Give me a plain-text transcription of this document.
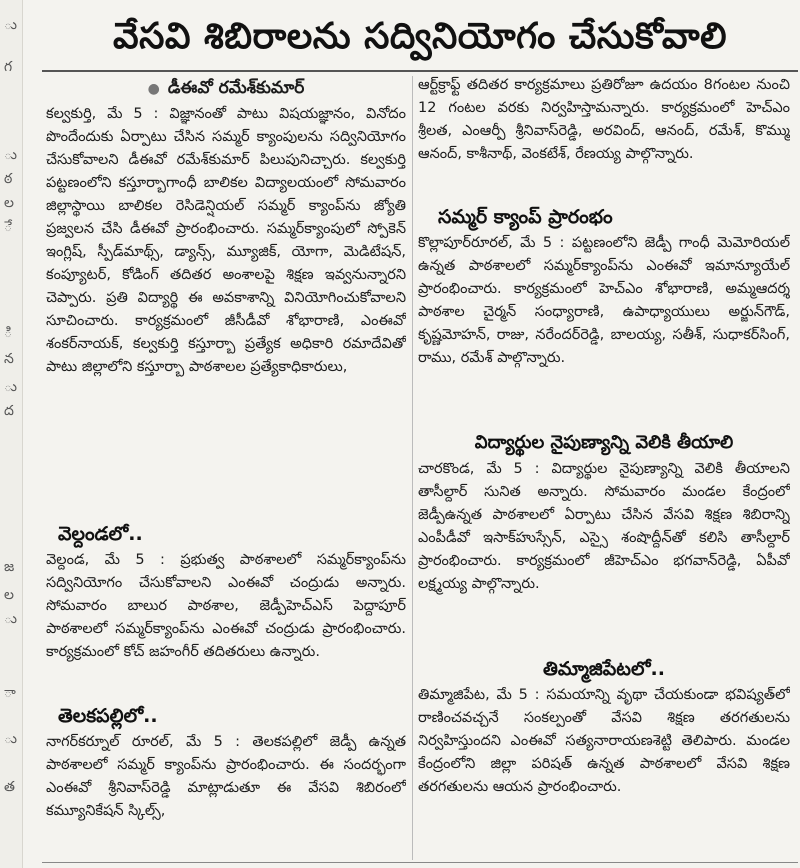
ు
గ
ు
ఠ
ల
ే
ి
న
ు
ద
జ
ల
ు
ా
ు
త
వేసవి శిబిరాలను సద్వినియోగం చేసుకోవాలి

● డీఈవో రమేశ్‌కుమార్‌

కల్వకుర్తి, మే 5 : విజ్ఞానంతో పాటు విషయజ్ఞానం, వినోదం పొందేందుకు ఏర్పాటు చేసిన సమ్మర్‌ క్యాంపులను సద్వినియోగం చేసుకోవాలని డీఈవో రమేశ్‌కుమార్‌ పిలుపునిచ్చారు. కల్వకుర్తి పట్టణంలోని కస్తూర్బాగాంధీ బాలికల విద్యాలయంలో సోమవారం జిల్లాస్థాయి బాలికల రెసిడెన్షియల్‌ సమ్మర్‌ క్యాంప్‌ను జ్యోతి ప్రజ్వలన చేసి డీఈవో ప్రారంభించారు. సమ్మర్‌క్యాంపులో స్పోకెన్‌ ఇంగ్లిష్‌, స్పీడ్‌మాథ్స్‌, డ్యాన్స్‌, మ్యూజిక్‌, యోగా, మెడిటేషన్‌, కంప్యూటర్‌, కోడింగ్‌ తదితర అంశాలపై శిక్షణ ఇవ్వనున్నారని చెప్పారు. ప్రతి విద్యార్థి ఈ అవకాశాన్ని వినియోగించుకోవాలని సూచించారు. కార్యక్రమంలో జీసీడీవో శోభారాణి, ఎంఈవో శంకర్‌నాయక్‌, కల్వకుర్తి కస్తూర్బా ప్రత్యేక అధికారి రమాదేవితో పాటు జిల్లాలోని కస్తూర్బా పాఠశాలల ప్రత్యేకాధికారులు,

వెల్దండలో..

వెల్దండ, మే 5 : ప్రభుత్వ పాఠశాలలో సమ్మర్‌క్యాంప్‌ను సద్వినియోగం చేసుకోవాలని ఎంఈవో చంద్రుడు అన్నారు. సోమవారం బాలుర పాఠశాల, జెడ్పీహెచ్‌ఎస్‌ పెద్దాపూర్‌ పాఠశాలలో సమ్మర్‌క్యాంప్‌ను ఎంఈవో చంద్రుడు ప్రారంభించారు. కార్యక్రమంలో కోచ్‌ జహంగీర్‌ తదితరులు ఉన్నారు.

తెలకపల్లిలో..

నాగర్‌కర్నూల్‌ రూరల్‌, మే 5 : తెలకపల్లిలో జెడ్పీ ఉన్నత పాఠశాలలో సమ్మర్‌ క్యాంప్‌ను ప్రారంభించారు. ఈ సందర్భంగా ఎంఈవో శ్రీనివాస్‌రెడ్డి మాట్లాడుతూ ఈ వేసవి శిబిరంలో కమ్యూనికేషన్‌ స్కిల్స్‌,

ఆర్ట్‌క్రాఫ్ట్‌ తదితర కార్యక్రమాలు ప్రతిరోజూ ఉదయం 8గంటల నుంచి 12 గంటల వరకు నిర్వహిస్తామన్నారు. కార్యక్రమంలో హెచ్‌ఎం శ్రీలత, ఎంఆర్పీ శ్రీనివాస్‌రెడ్డి, అరవింద్‌, ఆనంద్‌, రమేశ్‌, కొమ్ము ఆనంద్‌, కాశీనాథ్‌, వెంకటేశ్‌, రేణయ్య పాల్గొన్నారు.

సమ్మర్‌ క్యాంప్‌ ప్రారంభం

కొల్లాపూర్‌రూరల్‌, మే 5 : పట్టణంలోని జెడ్పీ గాంధీ మెమోరియల్‌ ఉన్నత పాఠశాలలో సమ్మర్‌క్యాంప్‌ను ఎంఈవో ఇమాన్యూయేల్‌ ప్రారంభించారు. కార్యక్రమంలో హెచ్‌ఎం శోభారాణి, అమ్మఆదర్శ పాఠశాల చైర్మన్‌ సంధ్యారాణి, ఉపాధ్యాయులు అర్జున్‌గౌడ్‌, కృష్ణమోహన్‌, రాజు, నరేందర్‌రెడ్డి, బాలయ్య, సతీశ్‌, సుధాకర్‌సింగ్‌, రాము, రమేశ్‌ పాల్గొన్నారు.

విద్యార్థుల నైపుణ్యాన్ని వెలికి తీయాలి

చారకొండ, మే 5 : విద్యార్థుల నైపుణ్యాన్ని వెలికి తీయాలని తాసీల్దార్‌ సునిత అన్నారు. సోమవారం మండల కేంద్రంలో జెడ్పీఉన్నత పాఠశాలలో ఏర్పాటు చేసిన వేసవి శిక్షణ శిబిరాన్ని ఎంపీడీవో ఇసాక్‌హుస్సేన్‌, ఎస్సై శంషొద్దీన్‌తో కలిసి తాసీల్దార్‌ ప్రారంభించారు. కార్యక్రమంలో జీహెచ్‌ఎం భగవాన్‌రెడ్డి, ఏపీవో లక్ష్మయ్య పాల్గొన్నారు.

తిమ్మాజిపేటలో..

తిమ్మాజిపేట, మే 5 : సమయాన్ని వృథా చేయకుండా భవిష్యత్‌లో రాణించవచ్చనే సంకల్పంతో వేసవి శిక్షణ తరగతులను నిర్వహిస్తుందని ఎంఈవో సత్యనారాయణశెట్టి తెలిపారు. మండల కేంద్రంలోని జిల్లా పరిషత్‌ ఉన్నత పాఠశాలలో వేసవి శిక్షణ తరగతులను ఆయన ప్రారంభించారు.
